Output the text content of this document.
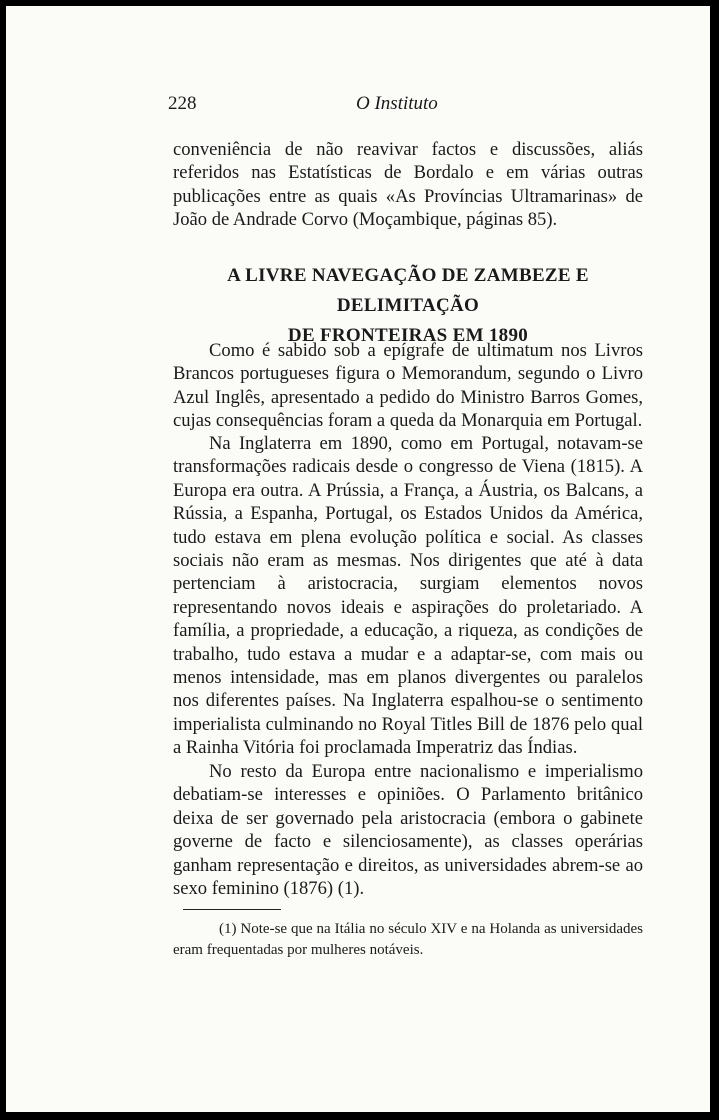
228	O Instituto

conveniência de não reavivar factos e discussões, aliás referidos nas Estatísticas de Bordalo e em várias outras publicações entre as quais «As Províncias Ultramarinas» de João de Andrade Corvo (Moçambique, páginas 85).

A LIVRE NAVEGAÇÃO DE ZAMBEZE E DELIMITAÇÃO
DE FRONTEIRAS EM 1890

Como é sabido sob a epígrafe de ultimatum nos Livros Brancos portugueses figura o Memorandum, segundo o Livro Azul Inglês, apresentado a pedido do Ministro Barros Gomes, cujas consequências foram a queda da Monarquia em Portugal.

Na Inglaterra em 1890, como em Portugal, notavam-se transformações radicais desde o congresso de Viena (1815). A Europa era outra. A Prússia, a França, a Áustria, os Balcans, a Rússia, a Espanha, Portugal, os Estados Unidos da América, tudo estava em plena evolução política e social. As classes sociais não eram as mesmas. Nos dirigentes que até à data pertenciam à aristocracia, surgiam elementos novos representando novos ideais e aspirações do proletariado. A família, a propriedade, a educação, a riqueza, as condições de trabalho, tudo estava a mudar e a adaptar-se, com mais ou menos intensidade, mas em planos divergentes ou paralelos nos diferentes países. Na Inglaterra espalhou-se o sentimento imperialista culminando no Royal Titles Bill de 1876 pelo qual a Rainha Vitória foi proclamada Imperatriz das Índias.

No resto da Europa entre nacionalismo e imperialismo debatiam-se interesses e opiniões. O Parlamento britânico deixa de ser governado pela aristocracia (embora o gabinete governe de facto e silenciosamente), as classes operárias ganham representação e direitos, as universidades abrem-se ao sexo feminino (1876) (1).

(1) Note-se que na Itália no século XIV e na Holanda as universidades eram frequentadas por mulheres notáveis.
